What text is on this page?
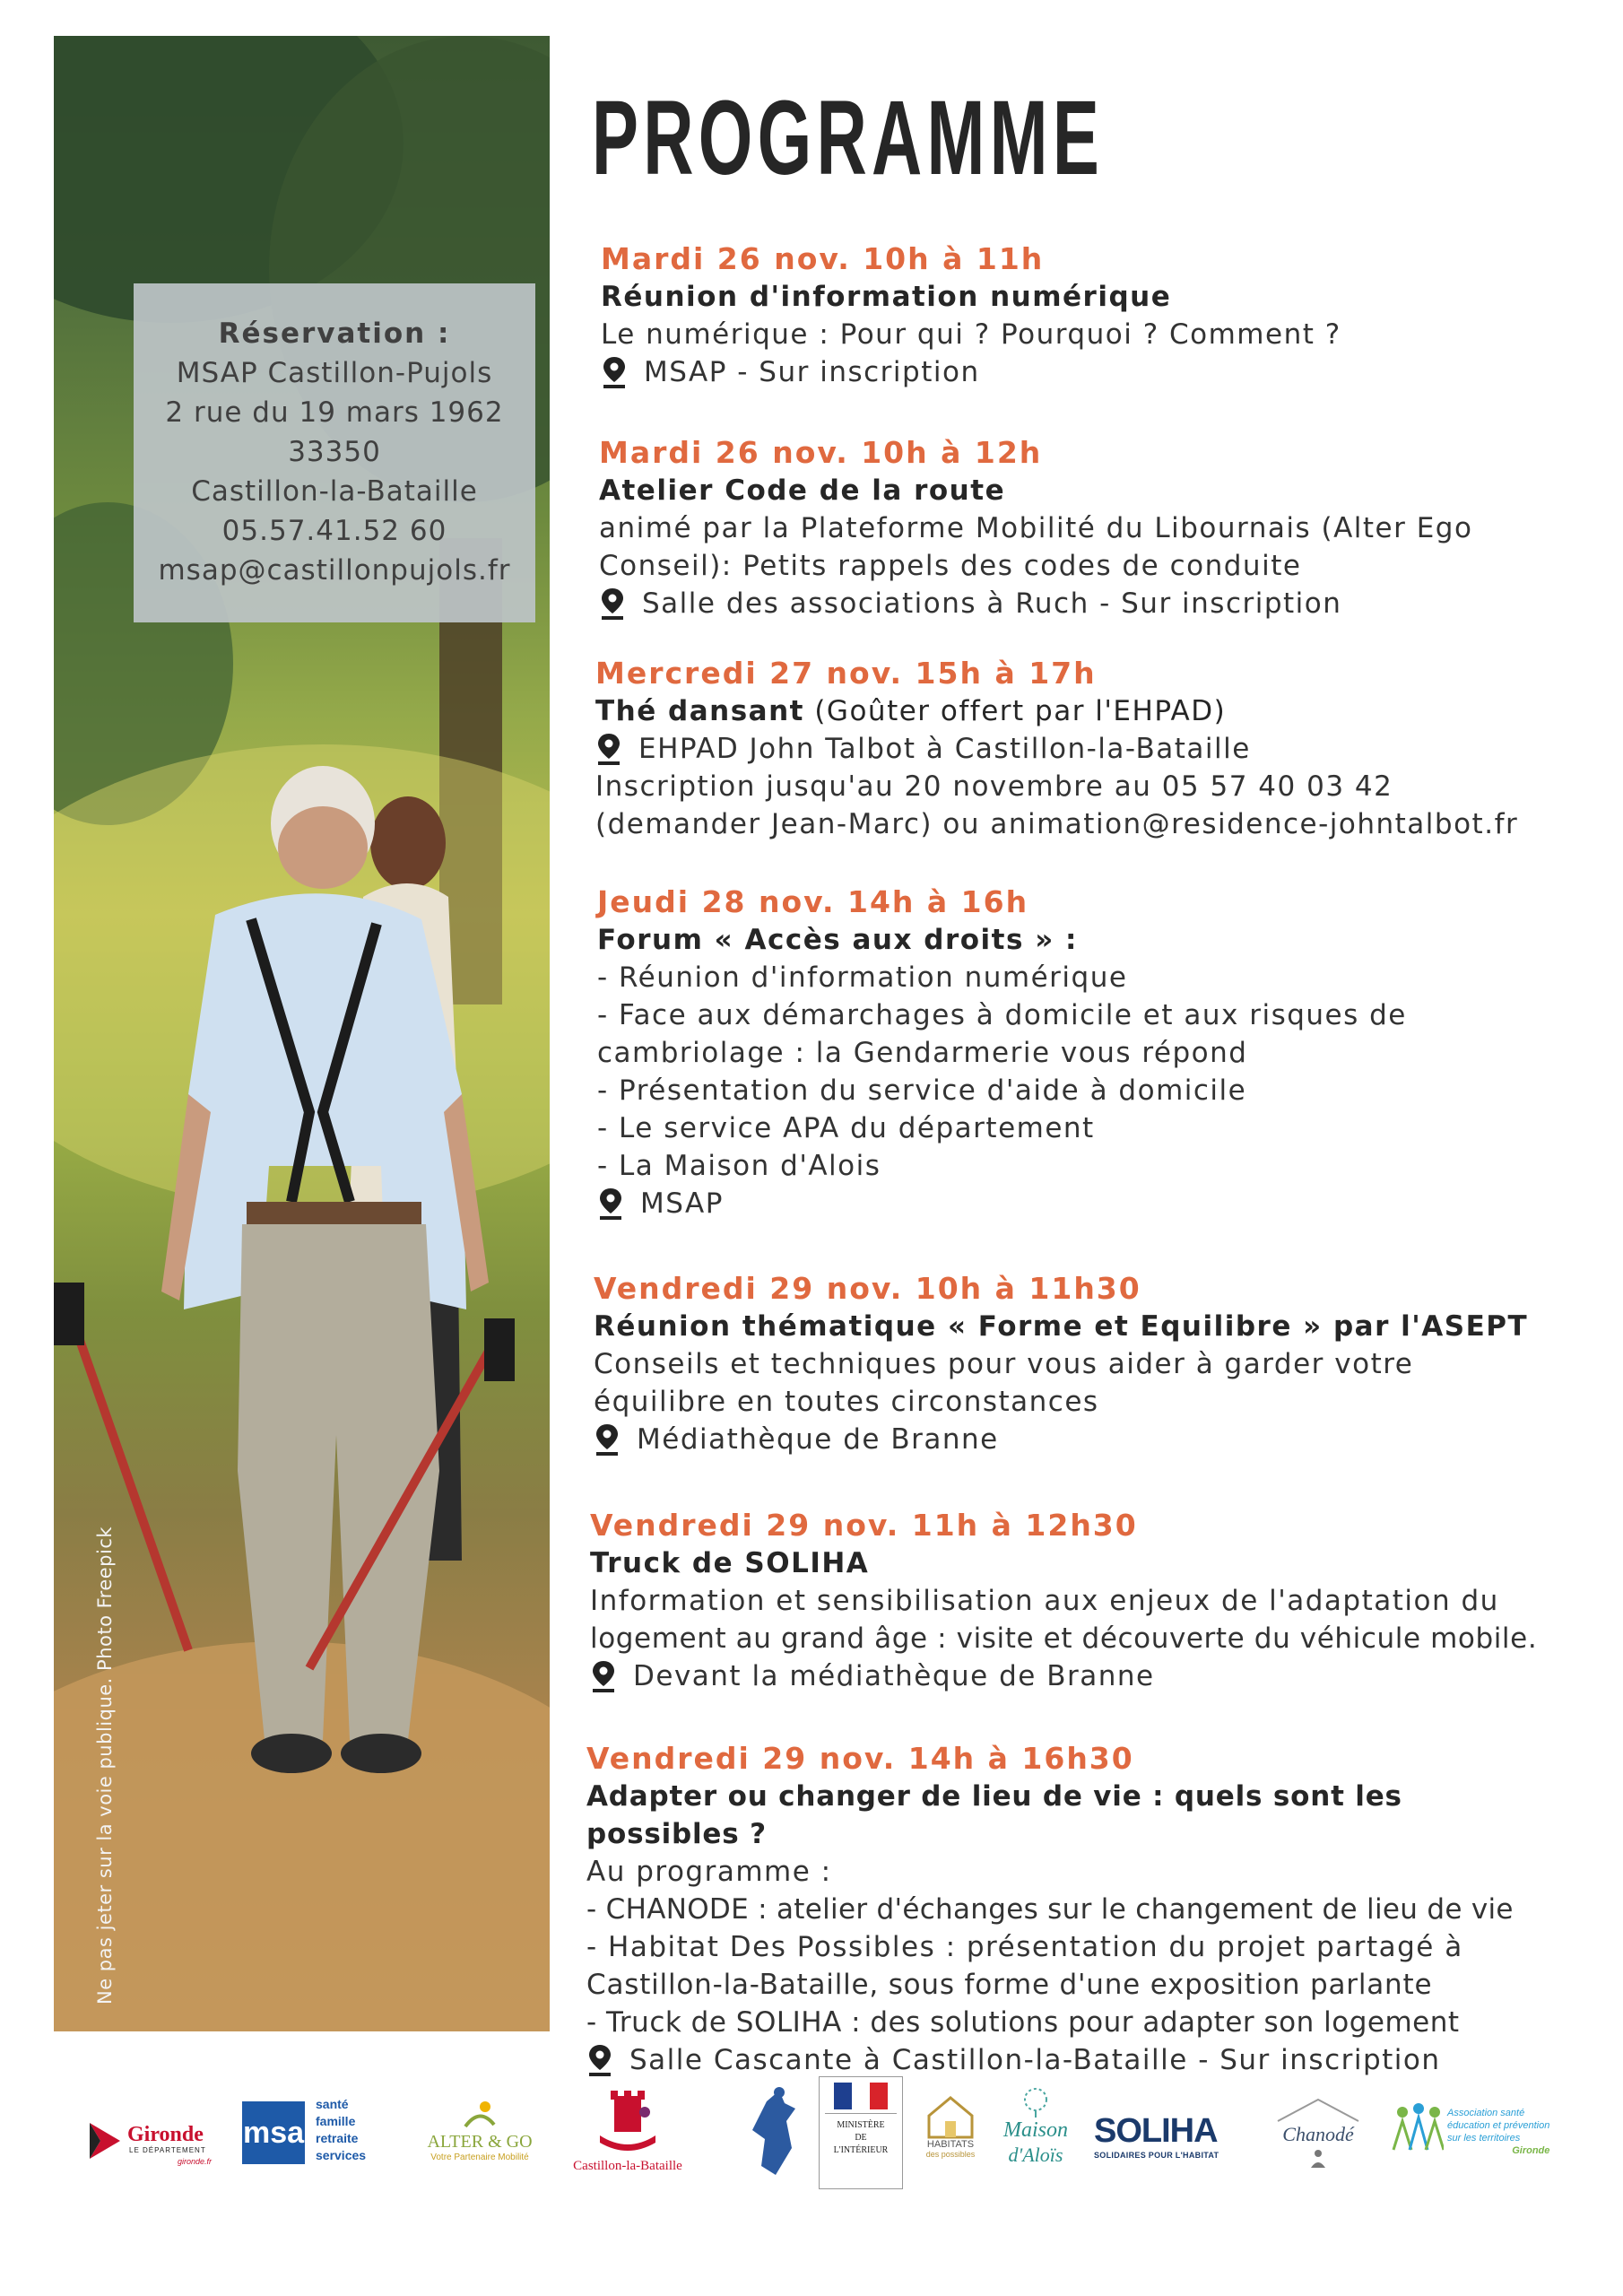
Réservation :
MSAP Castillon-Pujols
2 rue du 19 mars 1962
33350
Castillon-la-Bataille
05.57.41.52 60
msap@castillonpujols.fr
Ne pas jeter sur la voie publique. Photo Freepick
PROGRAMME
Mardi 26 nov. 10h à 11h
Réunion d'information numérique
Le numérique : Pour qui ? Pourquoi ? Comment ?
MSAP - Sur inscription
Mardi 26 nov. 10h à 12h
Atelier Code de la route
animé par la Plateforme Mobilité du Libournais (Alter Ego
Conseil): Petits rappels des codes de conduite
Salle des associations à Ruch - Sur inscription
Mercredi 27 nov. 15h à 17h
Thé dansant (Goûter offert par l'EHPAD)
EHPAD John Talbot à Castillon-la-Bataille
Inscription jusqu'au 20 novembre au 05 57 40 03 42
(demander Jean-Marc) ou animation@residence-johntalbot.fr
Jeudi 28 nov. 14h à 16h
Forum « Accès aux droits » :
- Réunion d'information numérique
- Face aux démarchages à domicile et aux risques de
cambriolage : la Gendarmerie vous répond
- Présentation du service d'aide à domicile
- Le service APA du département
- La Maison d'Alois
MSAP
Vendredi 29 nov. 10h à 11h30
Réunion thématique « Forme et Equilibre » par l'ASEPT
Conseils et techniques pour vous aider à garder votre
équilibre en toutes circonstances
Médiathèque de Branne
Vendredi 29 nov. 11h à 12h30
Truck de SOLIHA
Information et sensibilisation aux enjeux de l'adaptation du
logement au grand âge : visite et découverte du véhicule mobile.
Devant la médiathèque de Branne
Vendredi 29 nov. 14h à 16h30
Adapter ou changer de lieu de vie : quels sont les possibles ?
Au programme :
- CHANODE : atelier d'échanges sur le changement de lieu de vie
- Habitat Des Possibles : présentation du projet partagé à
Castillon-la-Bataille, sous forme d'une exposition parlante
- Truck de SOLIHA : des solutions pour adapter son logement
Salle Cascante à Castillon-la-Bataille - Sur inscription
Gironde
LE DÉPARTEMENT
gironde.fr
msa
santé
famille
retraite
services
ALTER & GO
Votre Partenaire Mobilité
Castillon-la-Bataille
MINISTÈRE
DE
L'INTÉRIEUR
HABITATS
des possibles
Maison
d'Aloïs
SOLIHA
SOLIDAIRES POUR L'HABITAT
Chanodé
Association santé
éducation et prévention
sur les territoires
Gironde
